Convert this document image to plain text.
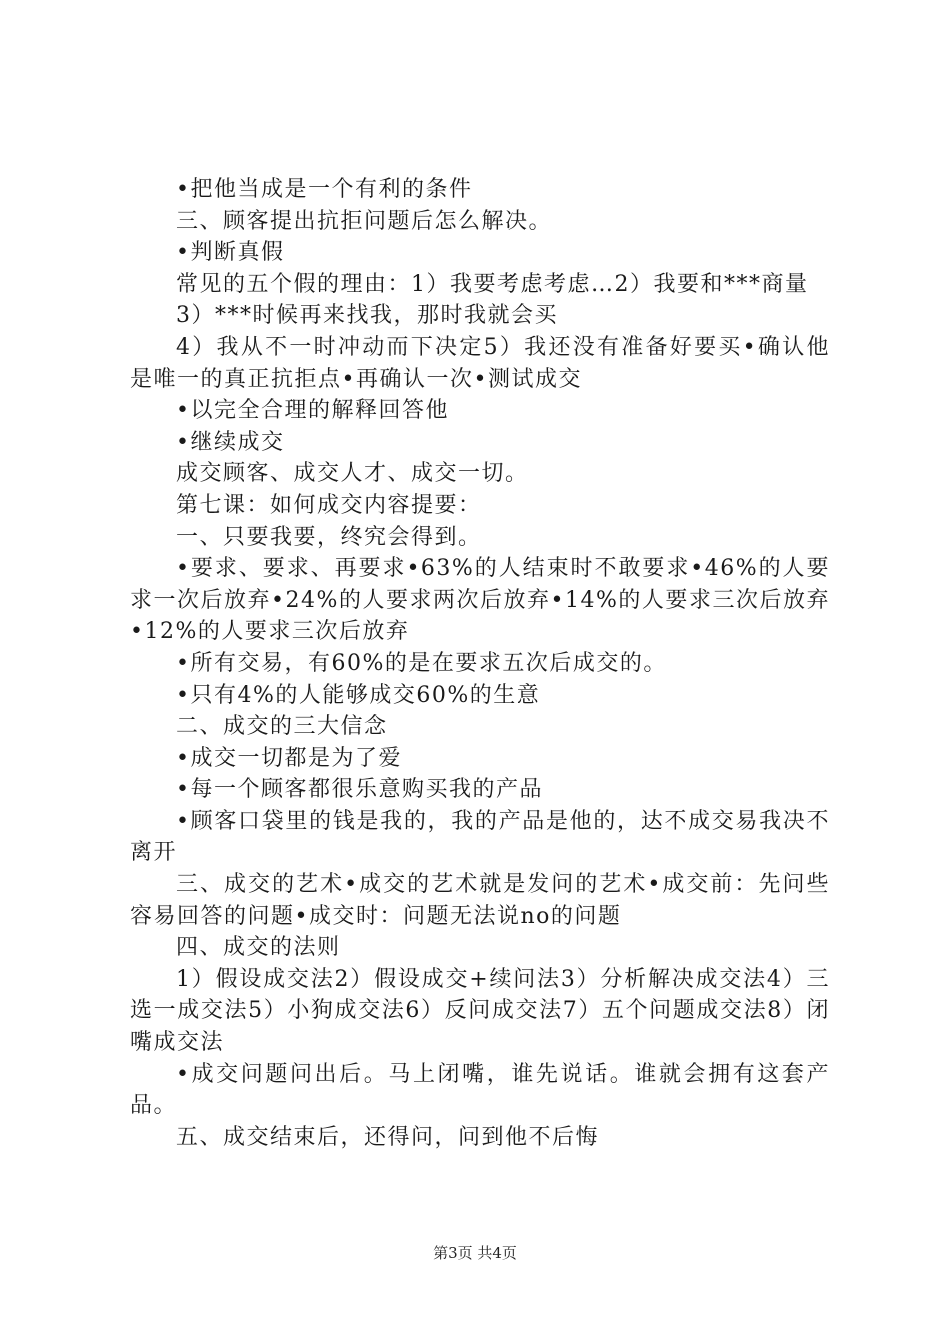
•把他当成是一个有利的条件

三、顾客提出抗拒问题后怎么解决。

•判断真假

常见的五个假的理由：1）我要考虑考虑…2）我要和***商量

3）***时候再来找我，那时我就会买

4）我从不一时冲动而下决定5）我还没有准备好要买•确认他是唯一的真正抗拒点•再确认一次•测试成交

•以完全合理的解释回答他

•继续成交

成交顾客、成交人才、成交一切。

第七课：如何成交内容提要：

一、只要我要，终究会得到。

•要求、要求、再要求•63%的人结束时不敢要求•46%的人要求一次后放弃•24%的人要求两次后放弃•14%的人要求三次后放弃•12%的人要求三次后放弃

•所有交易，有60%的是在要求五次后成交的。

•只有4%的人能够成交60%的生意

二、成交的三大信念

•成交一切都是为了爱

•每一个顾客都很乐意购买我的产品

•顾客口袋里的钱是我的，我的产品是他的，达不成交易我决不离开

三、成交的艺术•成交的艺术就是发问的艺术•成交前：先问些容易回答的问题•成交时：问题无法说no的问题

四、成交的法则

1）假设成交法2）假设成交+续问法3）分析解决成交法4）三选一成交法5）小狗成交法6）反问成交法7）五个问题成交法8）闭嘴成交法

•成交问题问出后。马上闭嘴，谁先说话。谁就会拥有这套产品。

五、成交结束后，还得问，问到他不后悔

第3页 共4页
